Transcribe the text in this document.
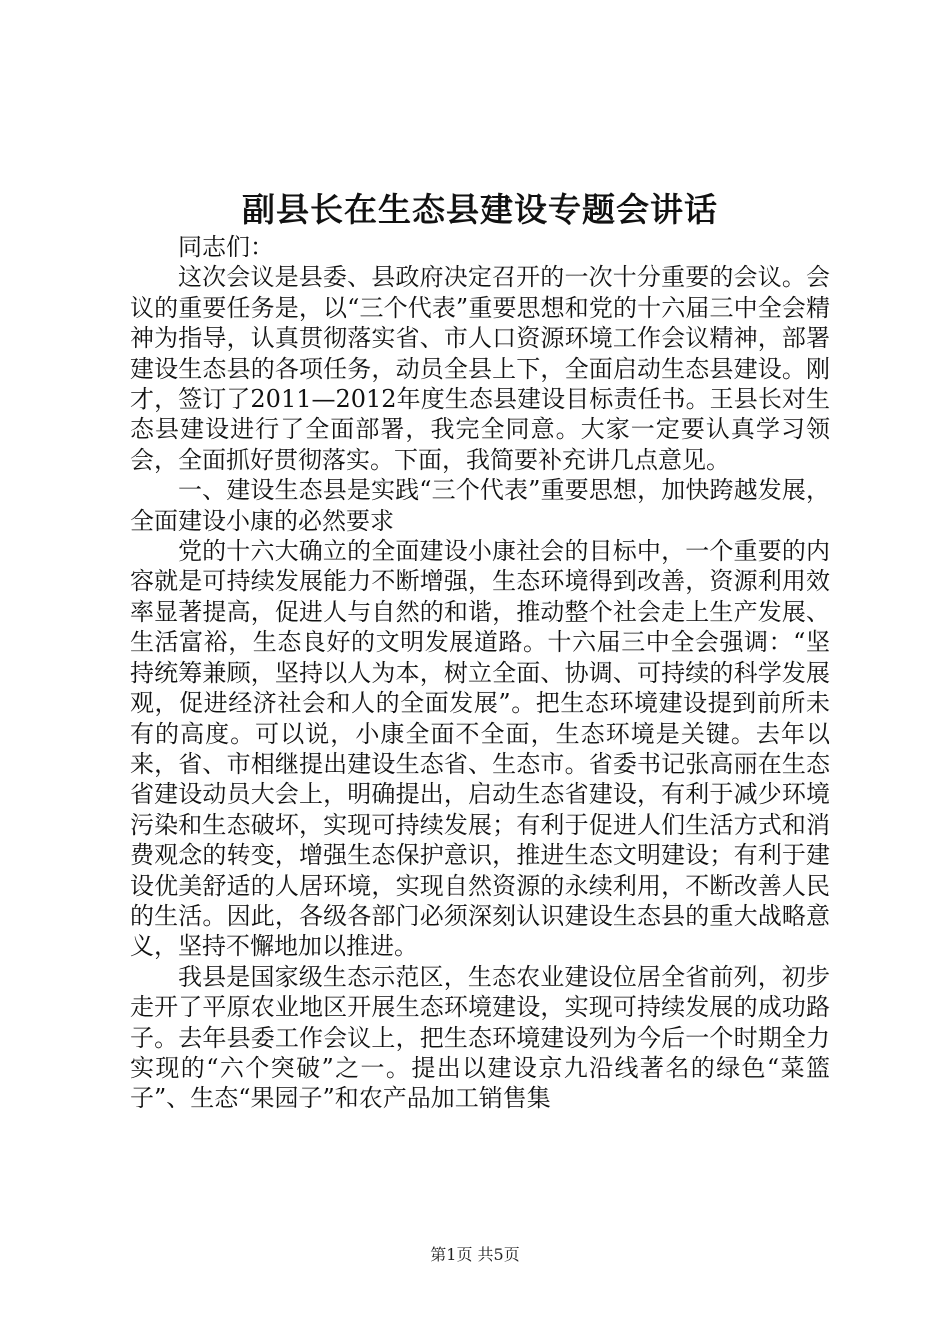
副县长在生态县建设专题会讲话

同志们：

这次会议是县委、县政府决定召开的一次十分重要的会议。会议的重要任务是，以“三个代表”重要思想和党的十六届三中全会精神为指导，认真贯彻落实省、市人口资源环境工作会议精神，部署建设生态县的各项任务，动员全县上下，全面启动生态县建设。刚才，签订了2011—2012年度生态县建设目标责任书。王县长对生态县建设进行了全面部署，我完全同意。大家一定要认真学习领会，全面抓好贯彻落实。下面，我简要补充讲几点意见。

一、建设生态县是实践“三个代表”重要思想，加快跨越发展，全面建设小康的必然要求

党的十六大确立的全面建设小康社会的目标中，一个重要的内容就是可持续发展能力不断增强，生态环境得到改善，资源利用效率显著提高，促进人与自然的和谐，推动整个社会走上生产发展、生活富裕，生态良好的文明发展道路。十六届三中全会强调：“坚持统筹兼顾，坚持以人为本，树立全面、协调、可持续的科学发展观，促进经济社会和人的全面发展”。把生态环境建设提到前所未有的高度。可以说，小康全面不全面，生态环境是关键。去年以来，省、市相继提出建设生态省、生态市。省委书记张高丽在生态省建设动员大会上，明确提出，启动生态省建设，有利于减少环境污染和生态破坏，实现可持续发展；有利于促进人们生活方式和消费观念的转变，增强生态保护意识，推进生态文明建设；有利于建设优美舒适的人居环境，实现自然资源的永续利用，不断改善人民的生活。因此，各级各部门必须深刻认识建设生态县的重大战略意义，坚持不懈地加以推进。

我县是国家级生态示范区，生态农业建设位居全省前列，初步走开了平原农业地区开展生态环境建设，实现可持续发展的成功路子。去年县委工作会议上，把生态环境建设列为今后一个时期全力实现的“六个突破”之一。提出以建设京九沿线著名的绿色“菜篮子”、生态“果园子”和农产品加工销售集

第1页 共5页
